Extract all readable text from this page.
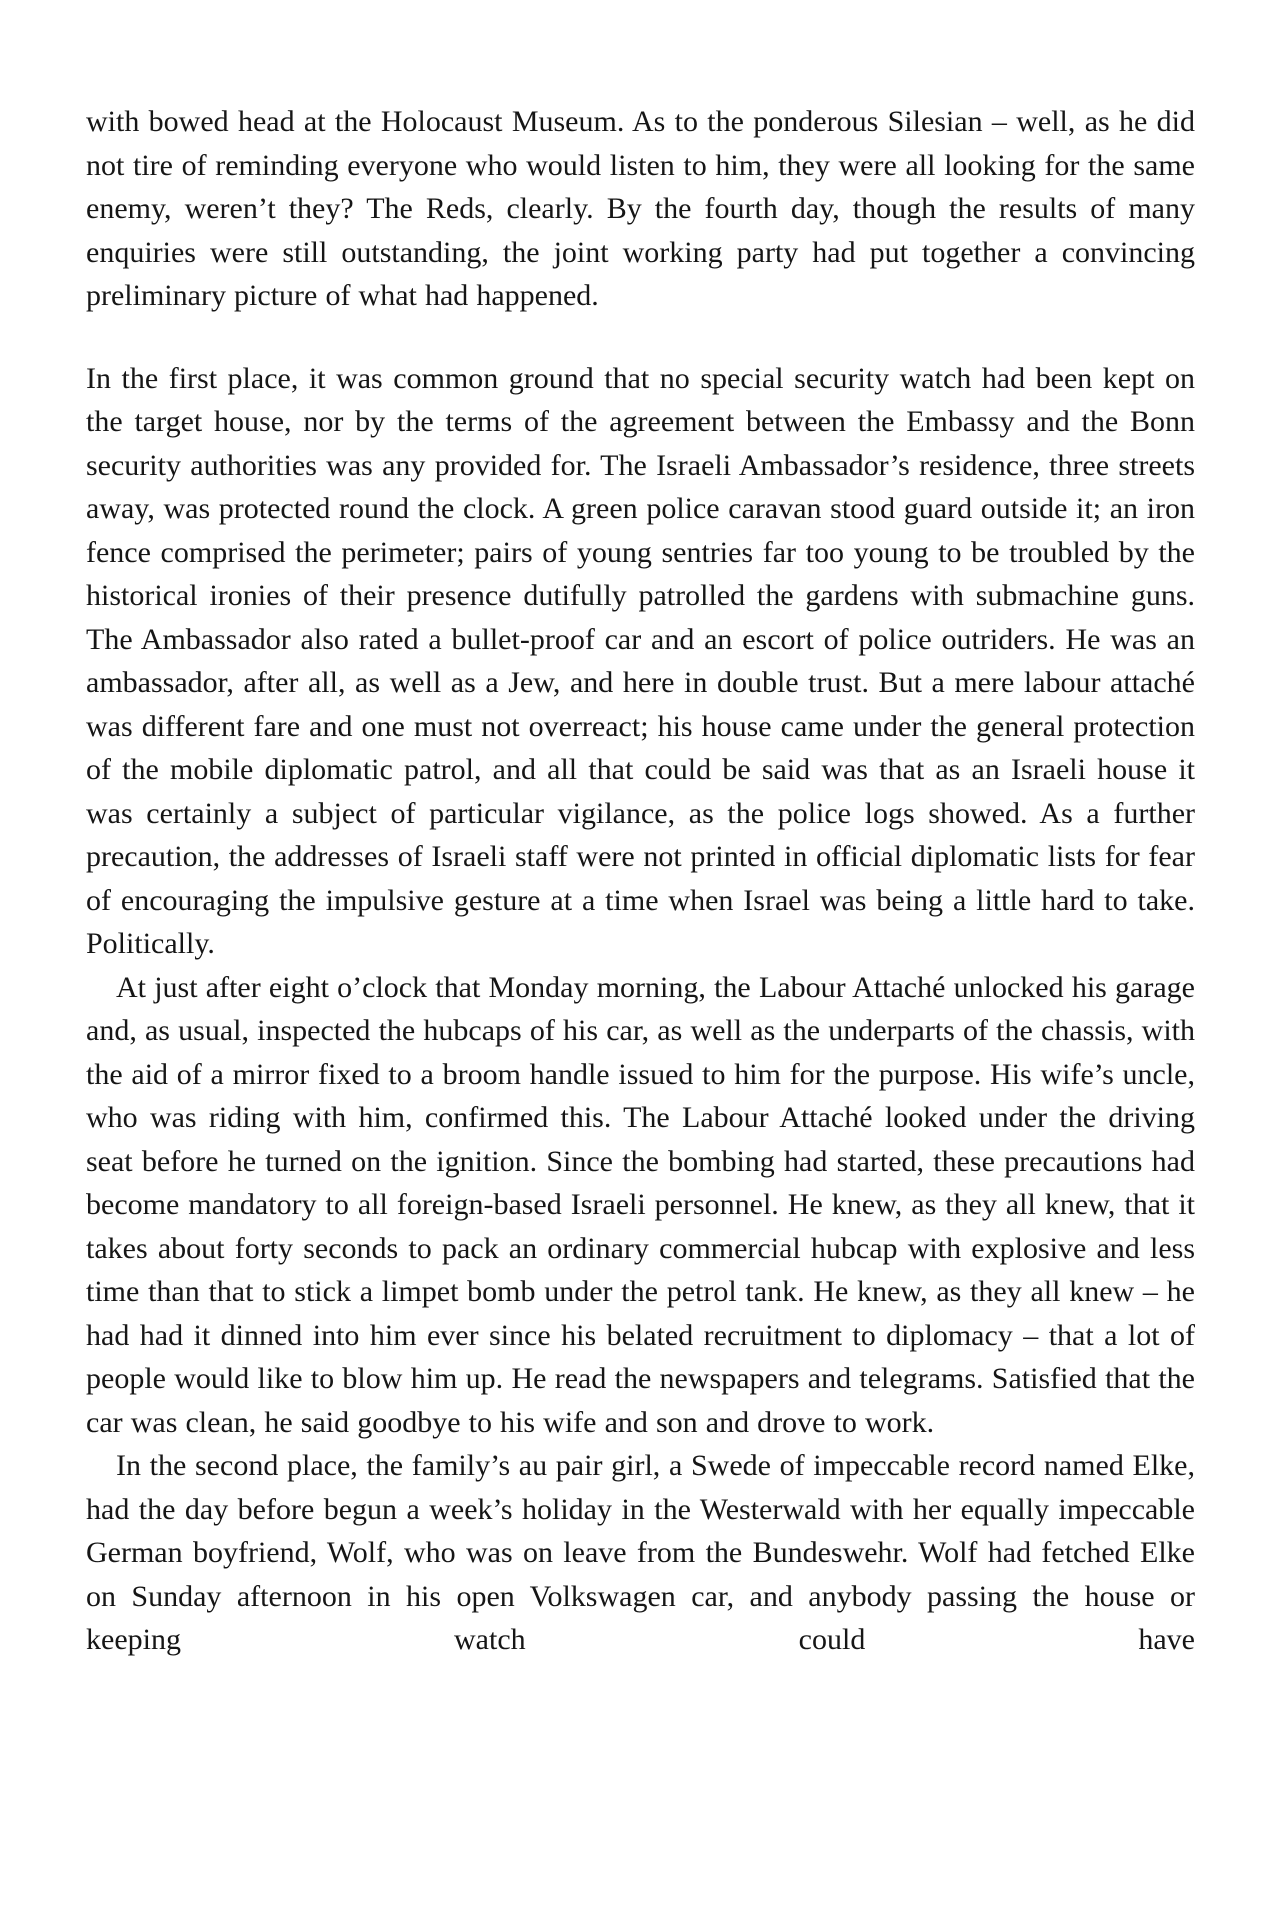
with bowed head at the Holocaust Museum. As to the ponderous Silesian – well, as he did not tire of reminding everyone who would listen to him, they were all looking for the same enemy, weren’t they? The Reds, clearly. By the fourth day, though the results of many enquiries were still outstanding, the joint working party had put together a convincing preliminary picture of what had happened.

In the first place, it was common ground that no special security watch had been kept on the target house, nor by the terms of the agreement between the Embassy and the Bonn security authorities was any provided for. The Israeli Ambassador’s residence, three streets away, was protected round the clock. A green police caravan stood guard outside it; an iron fence comprised the perimeter; pairs of young sentries far too young to be troubled by the historical ironies of their presence dutifully patrolled the gardens with submachine guns. The Ambassador also rated a bullet-proof car and an escort of police outriders. He was an ambassador, after all, as well as a Jew, and here in double trust. But a mere labour attaché was different fare and one must not overreact; his house came under the general protection of the mobile diplomatic patrol, and all that could be said was that as an Israeli house it was certainly a subject of particular vigilance, as the police logs showed. As a further precaution, the addresses of Israeli staff were not printed in official diplomatic lists for fear of encouraging the impulsive gesture at a time when Israel was being a little hard to take. Politically.

At just after eight o’clock that Monday morning, the Labour Attaché unlocked his garage and, as usual, inspected the hubcaps of his car, as well as the underparts of the chassis, with the aid of a mirror fixed to a broom handle issued to him for the purpose. His wife’s uncle, who was riding with him, confirmed this. The Labour Attaché looked under the driving seat before he turned on the ignition. Since the bombing had started, these precautions had become mandatory to all foreign-based Israeli personnel. He knew, as they all knew, that it takes about forty seconds to pack an ordinary commercial hubcap with explosive and less time than that to stick a limpet bomb under the petrol tank. He knew, as they all knew – he had had it dinned into him ever since his belated recruitment to diplomacy – that a lot of people would like to blow him up. He read the newspapers and telegrams. Satisfied that the car was clean, he said goodbye to his wife and son and drove to work.

In the second place, the family’s au pair girl, a Swede of impeccable record named Elke, had the day before begun a week’s holiday in the Westerwald with her equally impeccable German boyfriend, Wolf, who was on leave from the Bundeswehr. Wolf had fetched Elke on Sunday afternoon in his open Volkswagen car, and anybody passing the house or keeping watch could have
